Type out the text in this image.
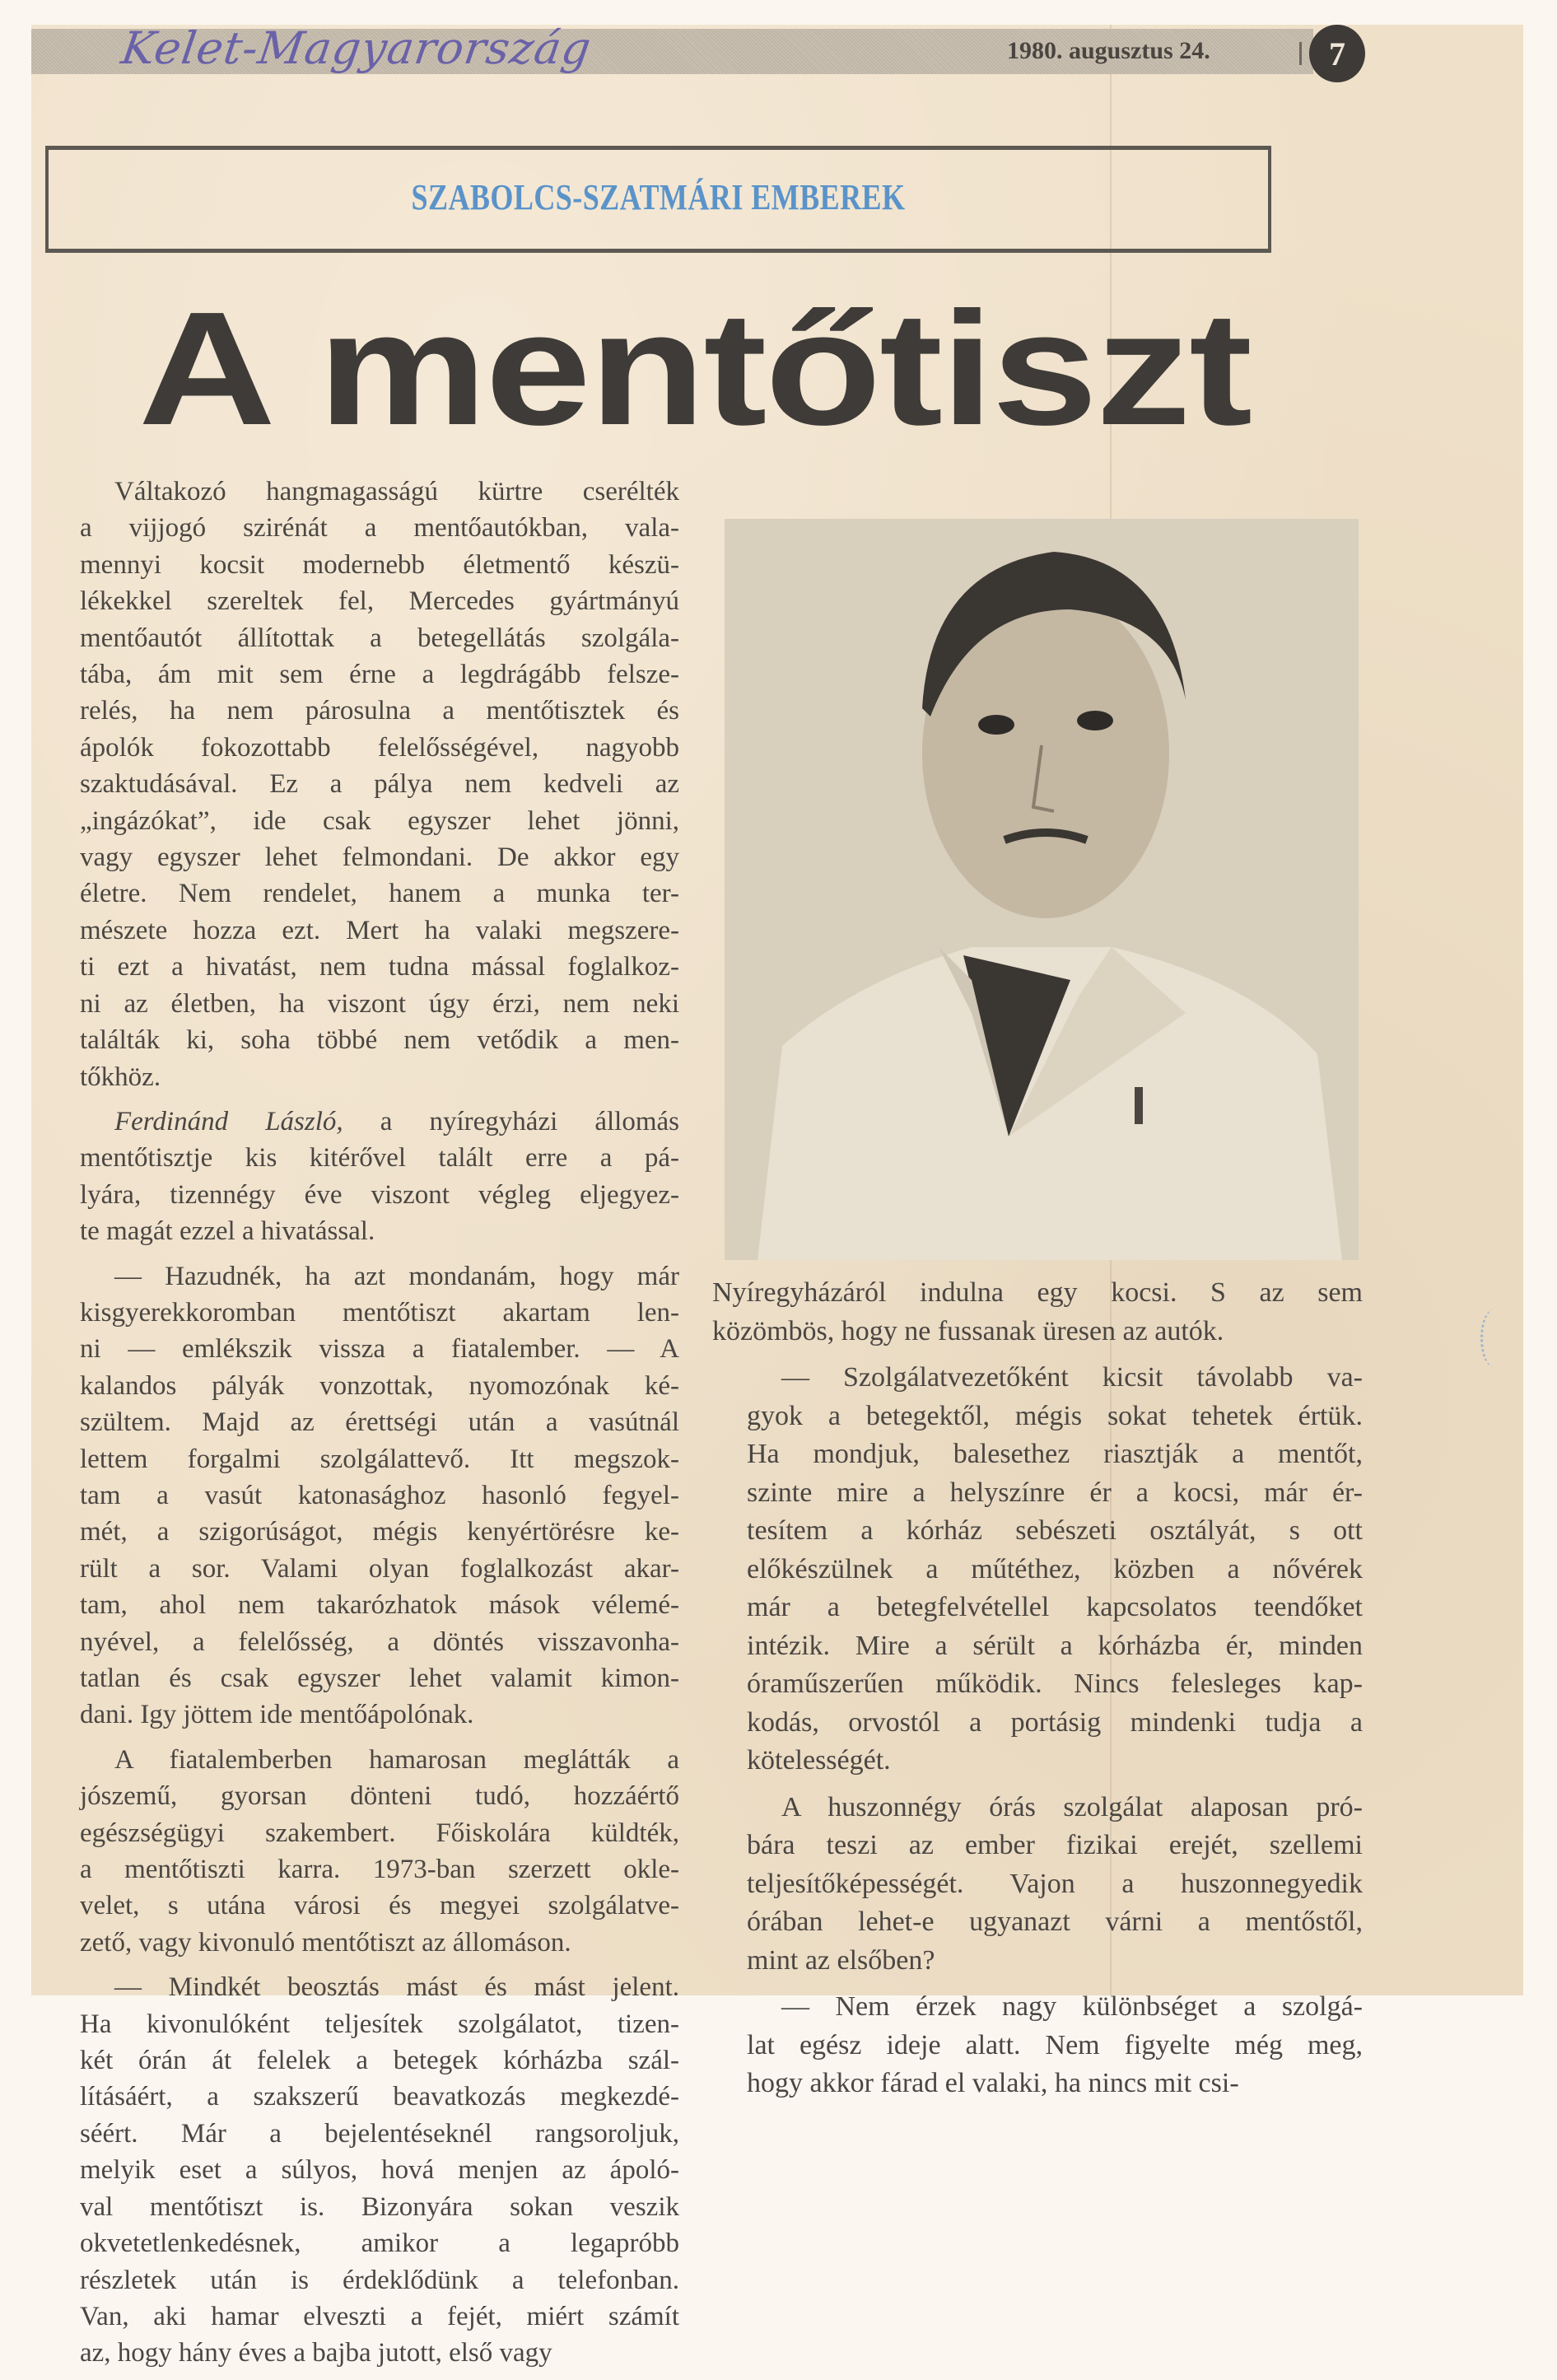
Kelet-Magyarország	1980. augusztus 24.	7
SZABOLCS-SZATMÁRI EMBEREK
A mentőtiszt
Váltakozó hangmagasságú kürtre cserélték
a vijjogó szirénát a mentőautókban, vala-
mennyi kocsit modernebb életmentő készü-
lékekkel szereltek fel, Mercedes gyártmányú
mentőautót állítottak a betegellátás szolgála-
tába, ám mit sem érne a legdrágább felsze-
relés, ha nem párosulna a mentőtisztek és
ápolók fokozottabb felelősségével, nagyobb
szaktudásával. Ez a pálya nem kedveli az
„ingázókat”, ide csak egyszer lehet jönni,
vagy egyszer lehet felmondani. De akkor egy
életre. Nem rendelet, hanem a munka ter-
mészete hozza ezt. Mert ha valaki megszere-
ti ezt a hivatást, nem tudna mással foglalkoz-
ni az életben, ha viszont úgy érzi, nem neki
találták ki, soha többé nem vetődik a men-
tőkhöz.
Ferdinánd László, a nyíregyházi állomás
mentőtisztje kis kitérővel talált erre a pá-
lyára, tizennégy éve viszont végleg eljegyez-
te magát ezzel a hivatással.
— Hazudnék, ha azt mondanám, hogy már
kisgyerekkoromban mentőtiszt akartam len-
ni — emlékszik vissza a fiatalember. — A
kalandos pályák vonzottak, nyomozónak ké-
szültem. Majd az érettségi után a vasútnál
lettem forgalmi szolgálattevő. Itt megszok-
tam a vasút katonasághoz hasonló fegyel-
mét, a szigorúságot, mégis kenyértörésre ke-
rült a sor. Valami olyan foglalkozást akar-
tam, ahol nem takarózhatok mások vélemé-
nyével, a felelősség, a döntés visszavonha-
tatlan és csak egyszer lehet valamit kimon-
dani. Igy jöttem ide mentőápolónak.
A fiatalemberben hamarosan meglátták a
jószemű, gyorsan dönteni tudó, hozzáértő
egészségügyi szakembert. Főiskolára küldték,
a mentőtiszti karra. 1973-ban szerzett okle-
velet, s utána városi és megyei szolgálatve-
zető, vagy kivonuló mentőtiszt az állomáson.
— Mindkét beosztás mást és mást jelent.
Ha kivonulóként teljesítek szolgálatot, tizen-
két órán át felelek a betegek kórházba szál-
lításáért, a szakszerű beavatkozás megkezdé-
séért. Már a bejelentéseknél rangsoroljuk,
melyik eset a súlyos, hová menjen az ápoló-
val mentőtiszt is. Bizonyára sokan veszik
okvetetlenkedésnek, amikor a legapróbb
részletek után is érdeklődünk a telefonban.
Van, aki hamar elveszti a fejét, miért számít
az, hogy hány éves a bajba jutott, első vagy
Nyíregyházáról indulna egy kocsi. S az sem
közömbös, hogy ne fussanak üresen az autók.
— Szolgálatvezetőként kicsit távolabb va-
gyok a betegektől, mégis sokat tehetek értük.
Ha mondjuk, balesethez riasztják a mentőt,
szinte mire a helyszínre ér a kocsi, már ér-
tesítem a kórház sebészeti osztályát, s ott
előkészülnek a műtéthez, közben a nővérek
már a betegfelvétellel kapcsolatos teendőket
intézik. Mire a sérült a kórházba ér, minden
óraműszerűen működik. Nincs felesleges kap-
kodás, orvostól a portásig mindenki tudja a
kötelességét.
A huszonnégy órás szolgálat alaposan pró-
bára teszi az ember fizikai erejét, szellemi
teljesítőképességét. Vajon a huszonnegyedik
órában lehet-e ugyanazt várni a mentőstől,
mint az elsőben?
— Nem érzek nagy különbséget a szolgá-
lat egész ideje alatt. Nem figyelte még meg,
hogy akkor fárad el valaki, ha nincs mit csi-
